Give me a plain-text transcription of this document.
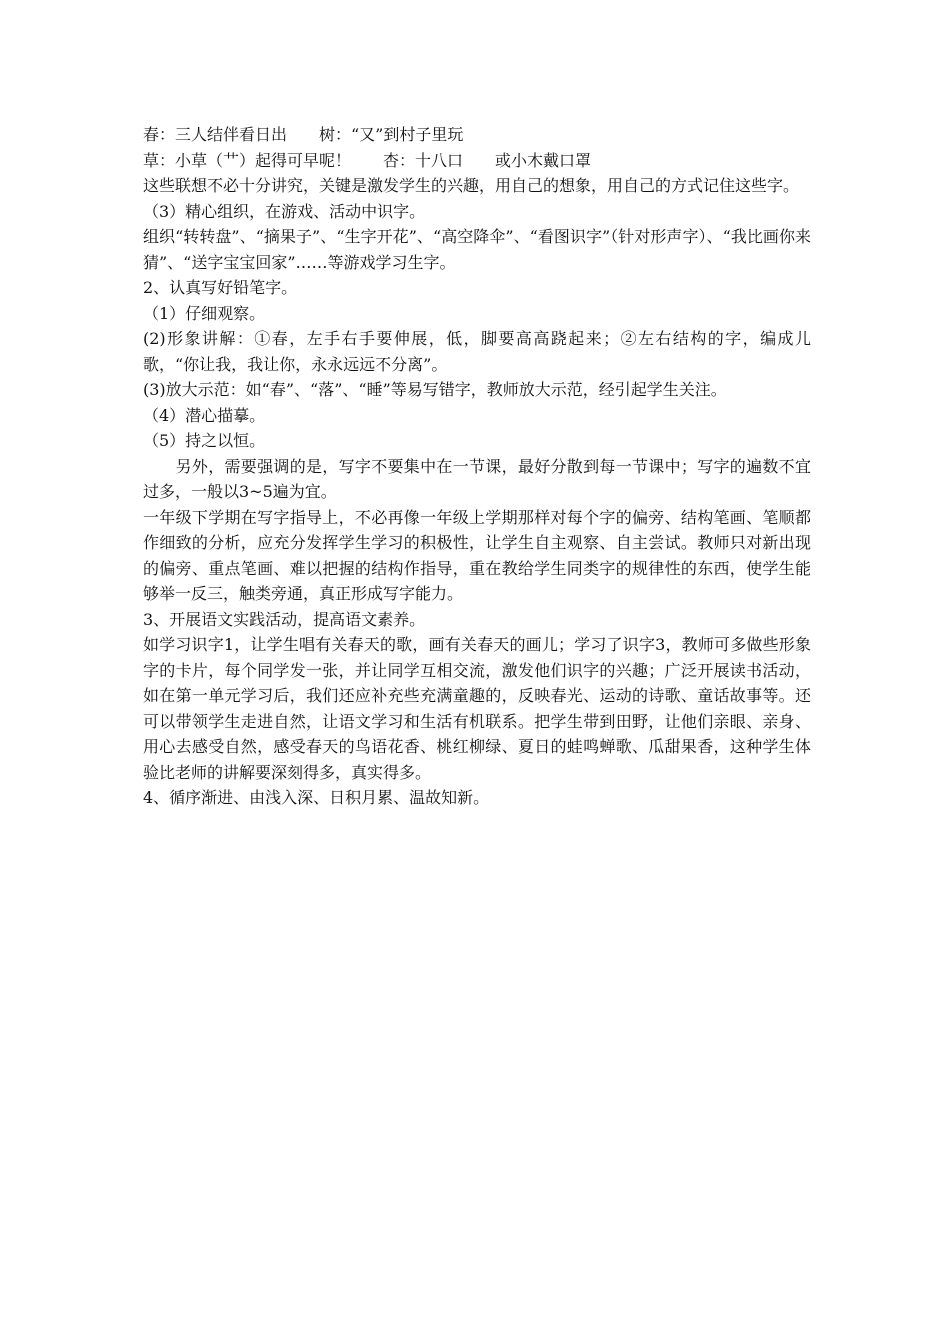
春：三人结伴看日出　　树：“又”到村子里玩

草：小草（艹）起得可早呢！　　杏：十八口　　或小木戴口罩

这些联想不必十分讲究，关键是激发学生的兴趣，用自己的想象，用自己的方式记住这些字。

（3）精心组织，在游戏、活动中识字。

组织“转转盘”、“摘果子”、“生字开花”、“高空降伞”、“看图识字”（针对形声字）、“我比画你来猜”、“送字宝宝回家”……等游戏学习生字。

2、认真写好铅笔字。

（1）仔细观察。

(2)形象讲解：①春，左手右手要伸展，低，脚要高高跷起来；②左右结构的字，编成儿歌，“你让我，我让你，永永远远不分离”。

(3)放大示范：如“春”、“落”、“睡”等易写错字，教师放大示范，经引起学生关注。

（4）潜心描摹。

（5）持之以恒。

　　另外，需要强调的是，写字不要集中在一节课，最好分散到每一节课中；写字的遍数不宜过多，一般以3~5遍为宜。

一年级下学期在写字指导上，不必再像一年级上学期那样对每个字的偏旁、结构笔画、笔顺都作细致的分析，应充分发挥学生学习的积极性，让学生自主观察、自主尝试。教师只对新出现的偏旁、重点笔画、难以把握的结构作指导，重在教给学生同类字的规律性的东西，使学生能够举一反三，触类旁通，真正形成写字能力。

3、开展语文实践活动，提高语文素养。

如学习识字1，让学生唱有关春天的歌，画有关春天的画儿；学习了识字3，教师可多做些形象字的卡片，每个同学发一张，并让同学互相交流，激发他们识字的兴趣；广泛开展读书活动，如在第一单元学习后，我们还应补充些充满童趣的，反映春光、运动的诗歌、童话故事等。还可以带领学生走进自然，让语文学习和生活有机联系。把学生带到田野，让他们亲眼、亲身、用心去感受自然，感受春天的鸟语花香、桃红柳绿、夏日的蛙鸣蝉歌、瓜甜果香，这种学生体验比老师的讲解要深刻得多，真实得多。

4、循序渐进、由浅入深、日积月累、温故知新。
